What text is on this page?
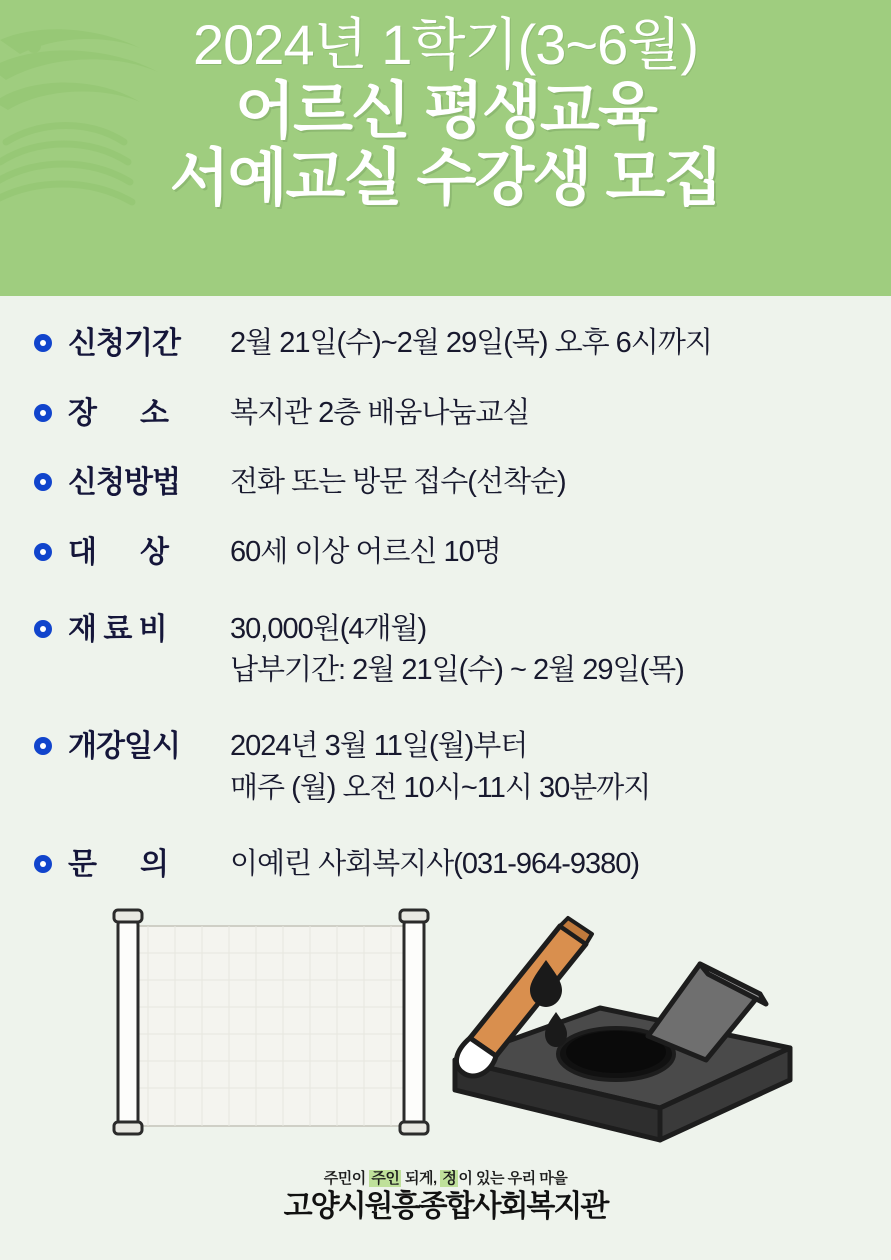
2024년 1학기(3~6월)
어르신 평생교육
서예교실 수강생 모집
신청기간	2월 21일(수)~2월 29일(목) 오후 6시까지
장      소	복지관 2층 배움나눔교실
신청방법	전화 또는 방문 접수(선착순)
대      상	60세 이상 어르신 10명
재 료 비	30,000원(4개월)
납부기간: 2월 21일(수) ~ 2월 29일(목)
개강일시	2024년 3월 11일(월)부터
매주 (월) 오전 10시~11시 30분까지
문      의	이예린 사회복지사(031-964-9380)
주민이 주인 되게, 정 이 있는 우리 마을
고양시원흥종합사회복지관
